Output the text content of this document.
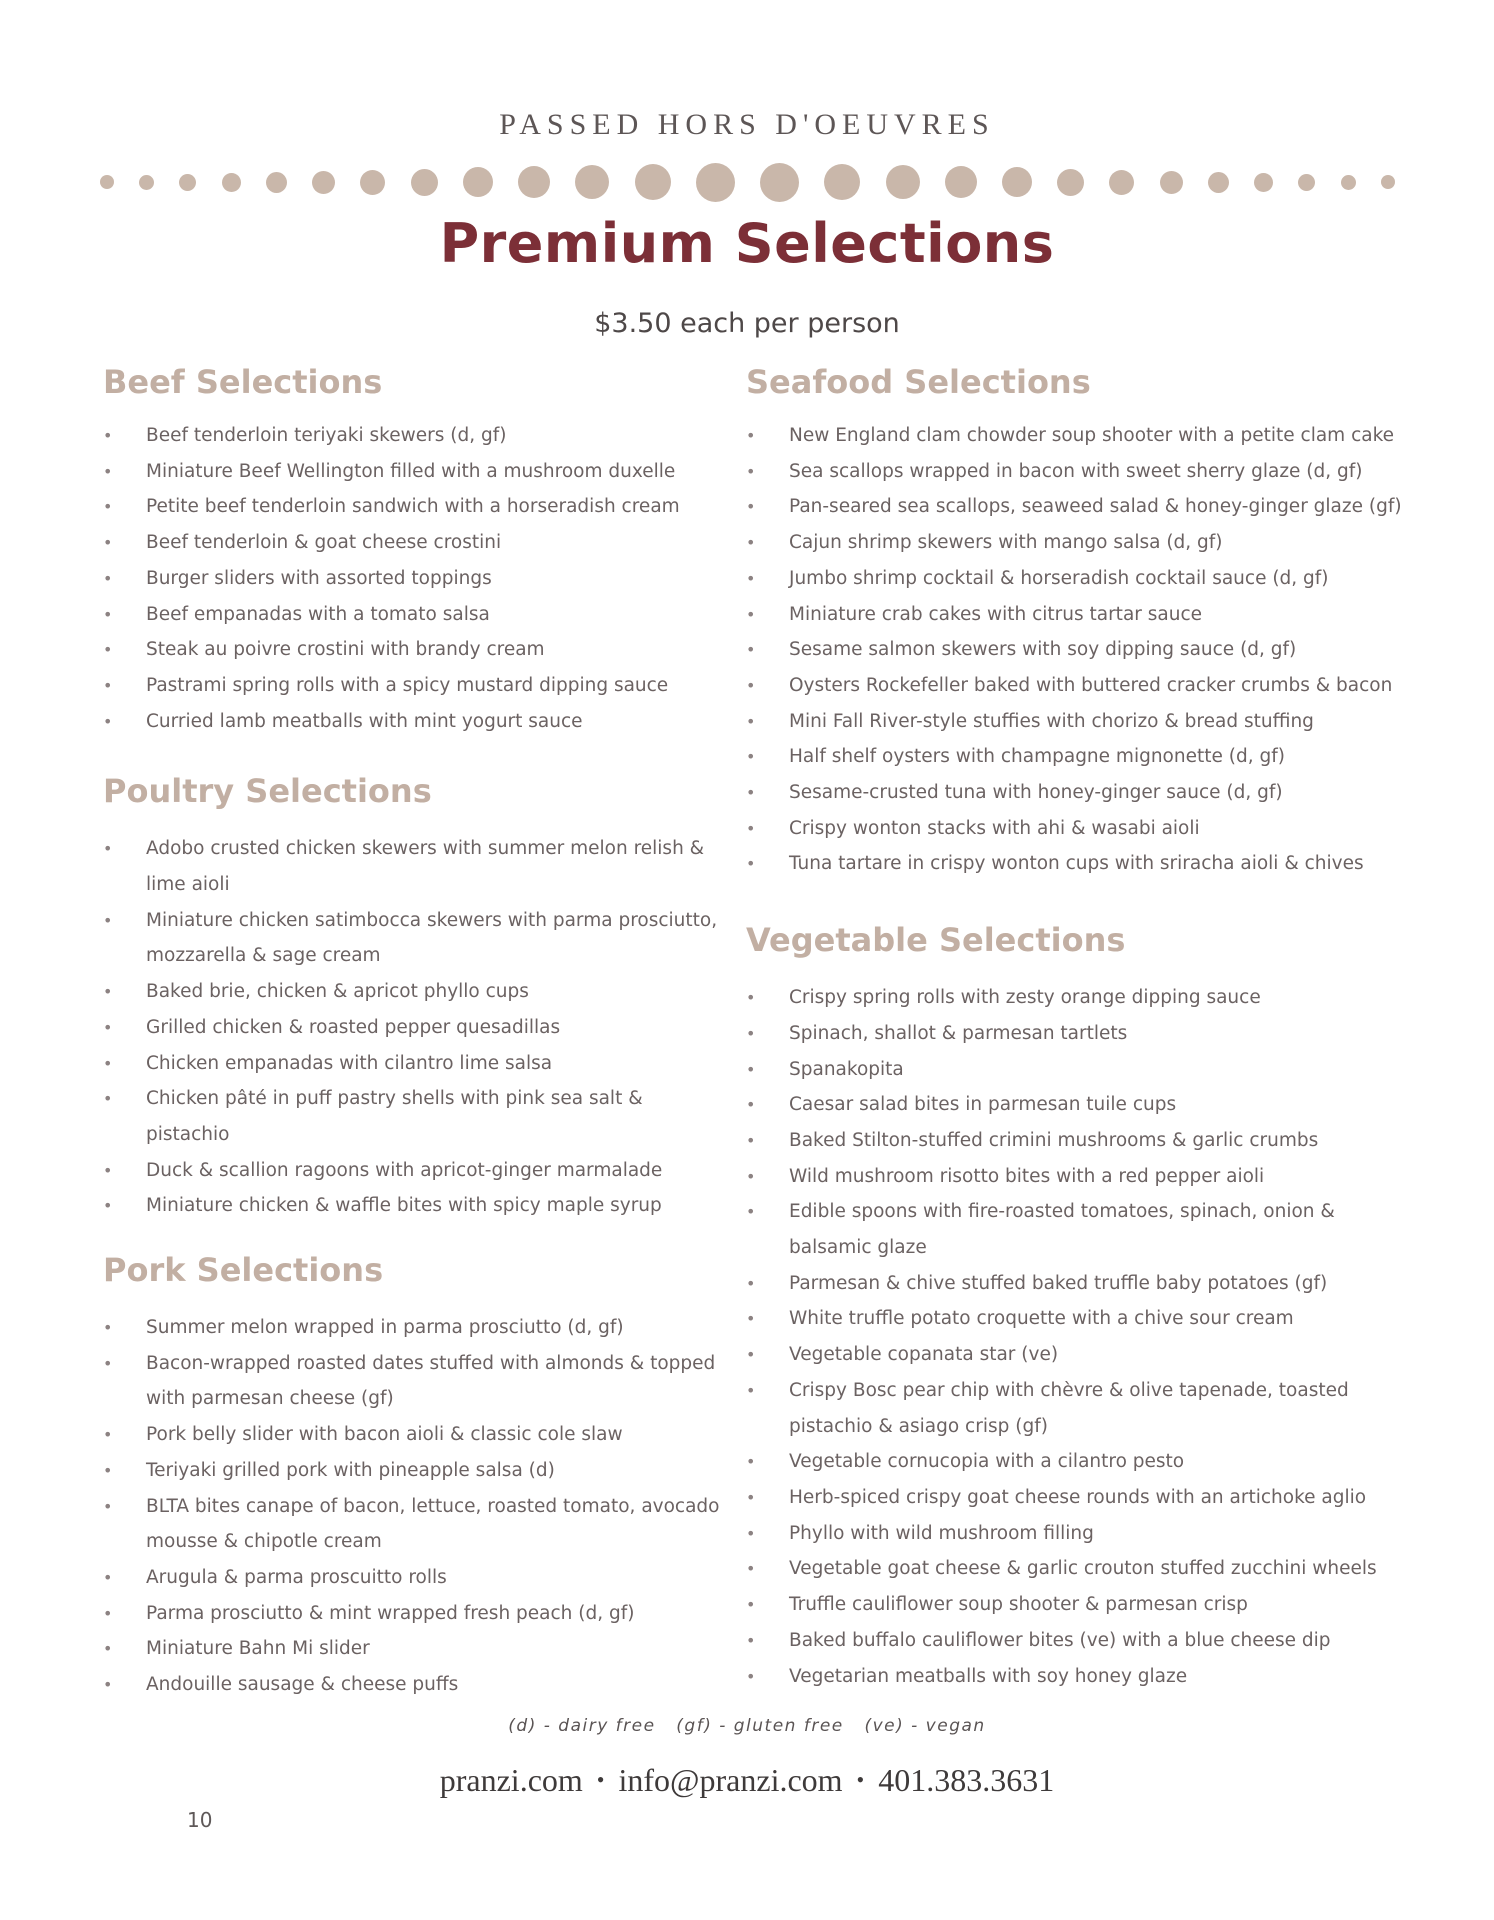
PASSED HORS D'OEUVRES
Premium Selections
$3.50 each per person
Beef Selections
• Beef tenderloin teriyaki skewers (d, gf)
• Miniature Beef Wellington filled with a mushroom duxelle
• Petite beef tenderloin sandwich with a horseradish cream
• Beef tenderloin & goat cheese crostini
• Burger sliders with assorted toppings
• Beef empanadas with a tomato salsa
• Steak au poivre crostini with brandy cream
• Pastrami spring rolls with a spicy mustard dipping sauce
• Curried lamb meatballs with mint yogurt sauce
Poultry Selections
• Adobo crusted chicken skewers with summer melon relish & lime aioli
• Miniature chicken satimbocca skewers with parma prosciutto, mozzarella & sage cream
• Baked brie, chicken & apricot phyllo cups
• Grilled chicken & roasted pepper quesadillas
• Chicken empanadas with cilantro lime salsa
• Chicken pâté in puff pastry shells with pink sea salt & pistachio
• Duck & scallion ragoons with apricot-ginger marmalade
• Miniature chicken & waffle bites with spicy maple syrup
Pork Selections
• Summer melon wrapped in parma prosciutto (d, gf)
• Bacon-wrapped roasted dates stuffed with almonds & topped with parmesan cheese (gf)
• Pork belly slider with bacon aioli & classic cole slaw
• Teriyaki grilled pork with pineapple salsa (d)
• BLTA bites canape of bacon, lettuce, roasted tomato, avocado mousse & chipotle cream
• Arugula & parma proscuitto rolls
• Parma prosciutto & mint wrapped fresh peach (d, gf)
• Miniature Bahn Mi slider
• Andouille sausage & cheese puffs
Seafood Selections
• New England clam chowder soup shooter with a petite clam cake
• Sea scallops wrapped in bacon with sweet sherry glaze (d, gf)
• Pan-seared sea scallops, seaweed salad & honey-ginger glaze (gf)
• Cajun shrimp skewers with mango salsa (d, gf)
• Jumbo shrimp cocktail & horseradish cocktail sauce (d, gf)
• Miniature crab cakes with citrus tartar sauce
• Sesame salmon skewers with soy dipping sauce (d, gf)
• Oysters Rockefeller baked with buttered cracker crumbs & bacon
• Mini Fall River-style stuffies with chorizo & bread stuffing
• Half shelf oysters with champagne mignonette (d, gf)
• Sesame-crusted tuna with honey-ginger sauce (d, gf)
• Crispy wonton stacks with ahi & wasabi aioli
• Tuna tartare in crispy wonton cups with sriracha aioli & chives
Vegetable Selections
• Crispy spring rolls with zesty orange dipping sauce
• Spinach, shallot & parmesan tartlets
• Spanakopita
• Caesar salad bites in parmesan tuile cups
• Baked Stilton-stuffed crimini mushrooms & garlic crumbs
• Wild mushroom risotto bites with a red pepper aioli
• Edible spoons with fire-roasted tomatoes, spinach, onion & balsamic glaze
• Parmesan & chive stuffed baked truffle baby potatoes (gf)
• White truffle potato croquette with a chive sour cream
• Vegetable copanata star (ve)
• Crispy Bosc pear chip with chèvre & olive tapenade, toasted pistachio & asiago crisp (gf)
• Vegetable cornucopia with a cilantro pesto
• Herb-spiced crispy goat cheese rounds with an artichoke aglio
• Phyllo with wild mushroom filling
• Vegetable goat cheese & garlic crouton stuffed zucchini wheels
• Truffle cauliflower soup shooter & parmesan crisp
• Baked buffalo cauliflower bites (ve) with a blue cheese dip
• Vegetarian meatballs with soy honey glaze
(d) - dairy free   (gf) - gluten free   (ve) - vegan
pranzi.com • info@pranzi.com • 401.383.3631
10
